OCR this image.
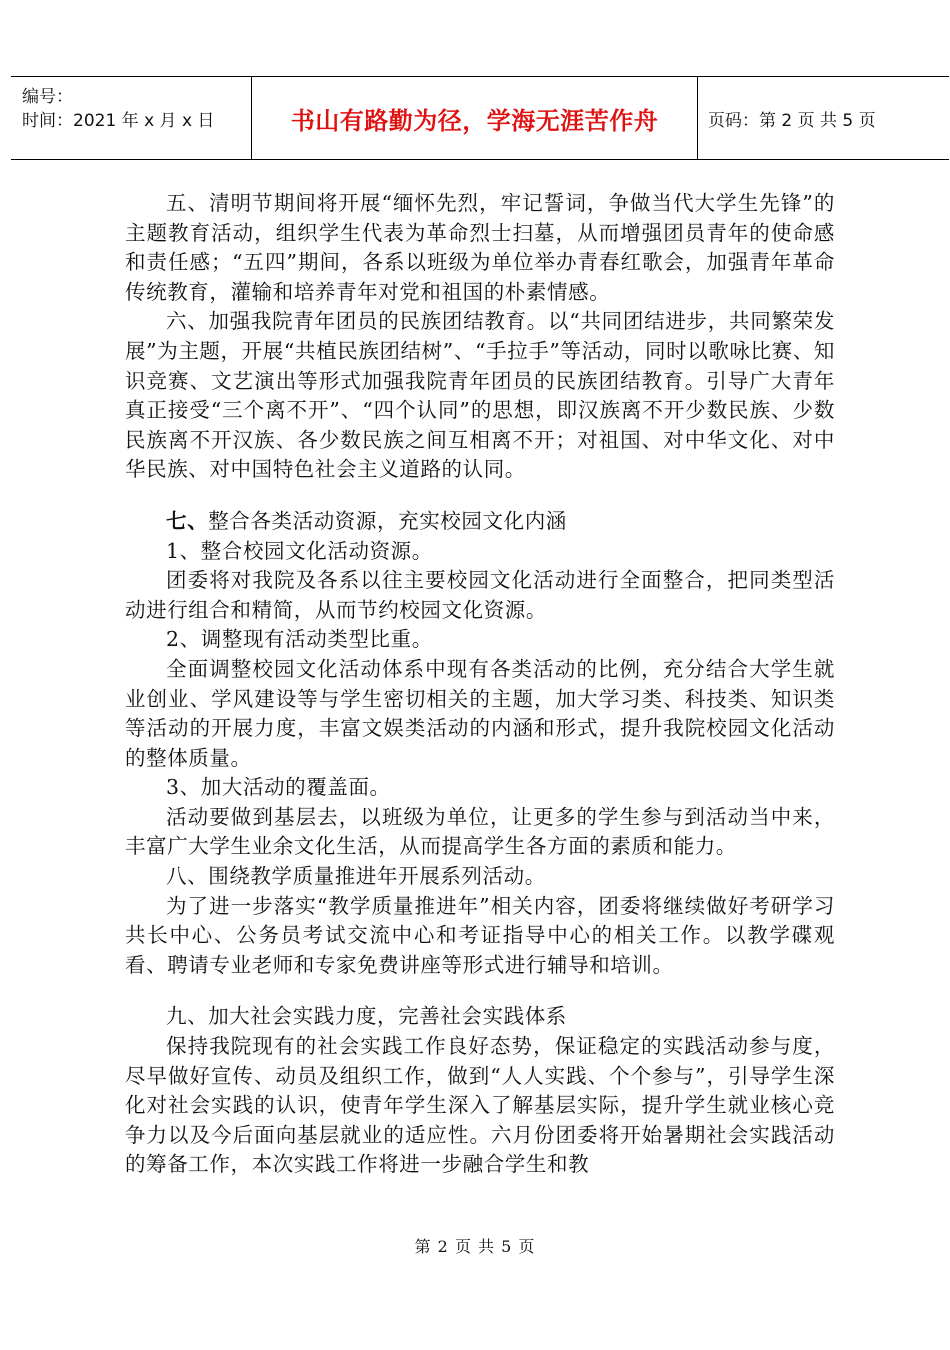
编号：
时间：2021 年 x 月 x 日	书山有路勤为径，学海无涯苦作舟	页码：第 2 页 共 5 页

五、清明节期间将开展“缅怀先烈，牢记誓词，争做当代大学生先锋”的主题教育活动，组织学生代表为革命烈士扫墓，从而增强团员青年的使命感和责任感；“五四”期间，各系以班级为单位举办青春红歌会，加强青年革命传统教育，灌输和培养青年对党和祖国的朴素情感。

六、加强我院青年团员的民族团结教育。以“共同团结进步，共同繁荣发展”为主题，开展“共植民族团结树”、“手拉手”等活动，同时以歌咏比赛、知识竞赛、文艺演出等形式加强我院青年团员的民族团结教育。引导广大青年真正接受“三个离不开”、“四个认同”的思想，即汉族离不开少数民族、少数民族离不开汉族、各少数民族之间互相离不开；对祖国、对中华文化、对中华民族、对中国特色社会主义道路的认同。

七、整合各类活动资源，充实校园文化内涵

1、整合校园文化活动资源。

团委将对我院及各系以往主要校园文化活动进行全面整合，把同类型活动进行组合和精简，从而节约校园文化资源。

2、调整现有活动类型比重。

全面调整校园文化活动体系中现有各类活动的比例，充分结合大学生就业创业、学风建设等与学生密切相关的主题，加大学习类、科技类、知识类等活动的开展力度，丰富文娱类活动的内涵和形式，提升我院校园文化活动的整体质量。

3、加大活动的覆盖面。

活动要做到基层去，以班级为单位，让更多的学生参与到活动当中来，丰富广大学生业余文化生活，从而提高学生各方面的素质和能力。

八、围绕教学质量推进年开展系列活动。

为了进一步落实“教学质量推进年”相关内容，团委将继续做好考研学习共长中心、公务员考试交流中心和考证指导中心的相关工作。以教学碟观看、聘请专业老师和专家免费讲座等形式进行辅导和培训。

九、加大社会实践力度，完善社会实践体系

保持我院现有的社会实践工作良好态势，保证稳定的实践活动参与度，尽早做好宣传、动员及组织工作，做到“人人实践、个个参与”，引导学生深化对社会实践的认识，使青年学生深入了解基层实际，提升学生就业核心竞争力以及今后面向基层就业的适应性。六月份团委将开始暑期社会实践活动的筹备工作，本次实践工作将进一步融合学生和教

第 2 页 共 5 页
